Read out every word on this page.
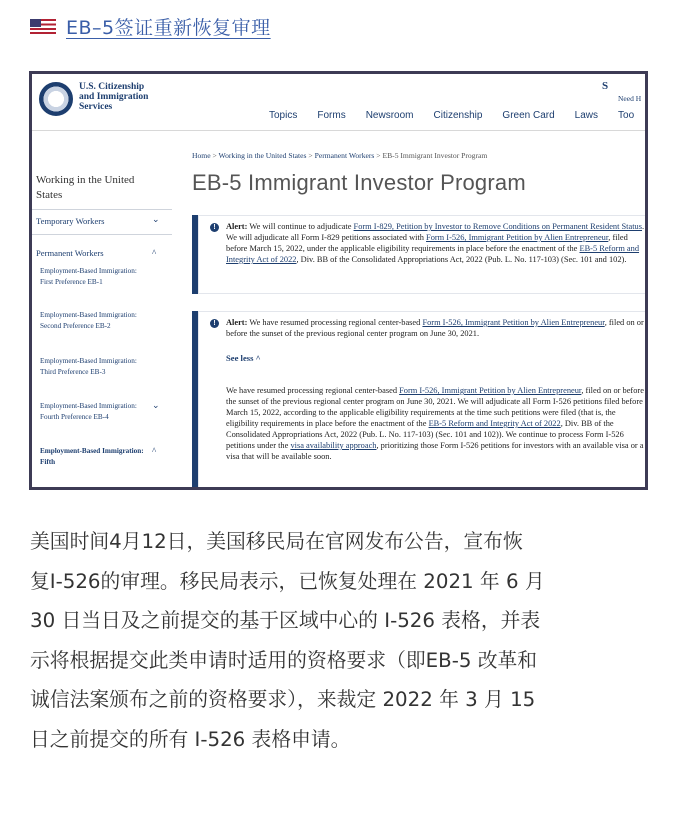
EB–5签证重新恢复审理
U.S. Citizenship
and Immigration
Services
S
Need H
Topics Forms Newsroom Citizenship Green Card Laws Too
Home > Working in the United States > Permanent Workers > EB-5 Immigrant Investor Program
EB-5 Immigrant Investor Program
Working in the United States
Temporary Workers	⌄
Permanent Workers	^
Employment-Based Immigration: First Preference EB-1
Employment-Based Immigration: Second Preference EB-2
Employment-Based Immigration: Third Preference EB-3
Employment-Based Immigration: Fourth Preference EB-4
⌄
Employment-Based Immigration: Fifth
^
!	Alert: We will continue to adjudicate Form I-829, Petition by Investor to Remove Conditions on Permanent Resident Status. We will adjudicate all Form I-829 petitions associated with Form I-526, Immigrant Petition by Alien Entrepreneur, filed before March 15, 2022, under the applicable eligibility requirements in place before the enactment of the EB-5 Reform and Integrity Act of 2022, Div. BB of the Consolidated Appropriations Act, 2022 (Pub. L. No. 117-103) (Sec. 101 and 102).
!	Alert: We have resumed processing regional center-based Form I-526, Immigrant Petition by Alien Entrepreneur, filed on or before the sunset of the previous regional center program on June 30, 2021.
See less ^
We have resumed processing regional center-based Form I-526, Immigrant Petition by Alien Entrepreneur, filed on or before the sunset of the previous regional center program on June 30, 2021. We will adjudicate all Form I-526 petitions filed before March 15, 2022, according to the applicable eligibility requirements at the time such petitions were filed (that is, the eligibility requirements in place before the enactment of the EB-5 Reform and Integrity Act of 2022, Div. BB of the Consolidated Appropriations Act, 2022 (Pub. L. No. 117-103) (Sec. 101 and 102)). We continue to process Form I-526 petitions under the visa availability approach, prioritizing those Form I-526 petitions for investors with an available visa or a visa that will be available soon.
美国时间4月12日，美国移民局在官网发布公告，宣布恢
复I-526的审理。移民局表示，已恢复处理在 2021 年 6 月
30 日当日及之前提交的基于区域中心的 I-526 表格，并表
示将根据提交此类申请时适用的资格要求（即EB-5 改革和
诚信法案颁布之前的资格要求），来裁定 2022 年 3 月 15
日之前提交的所有 I-526 表格申请。
